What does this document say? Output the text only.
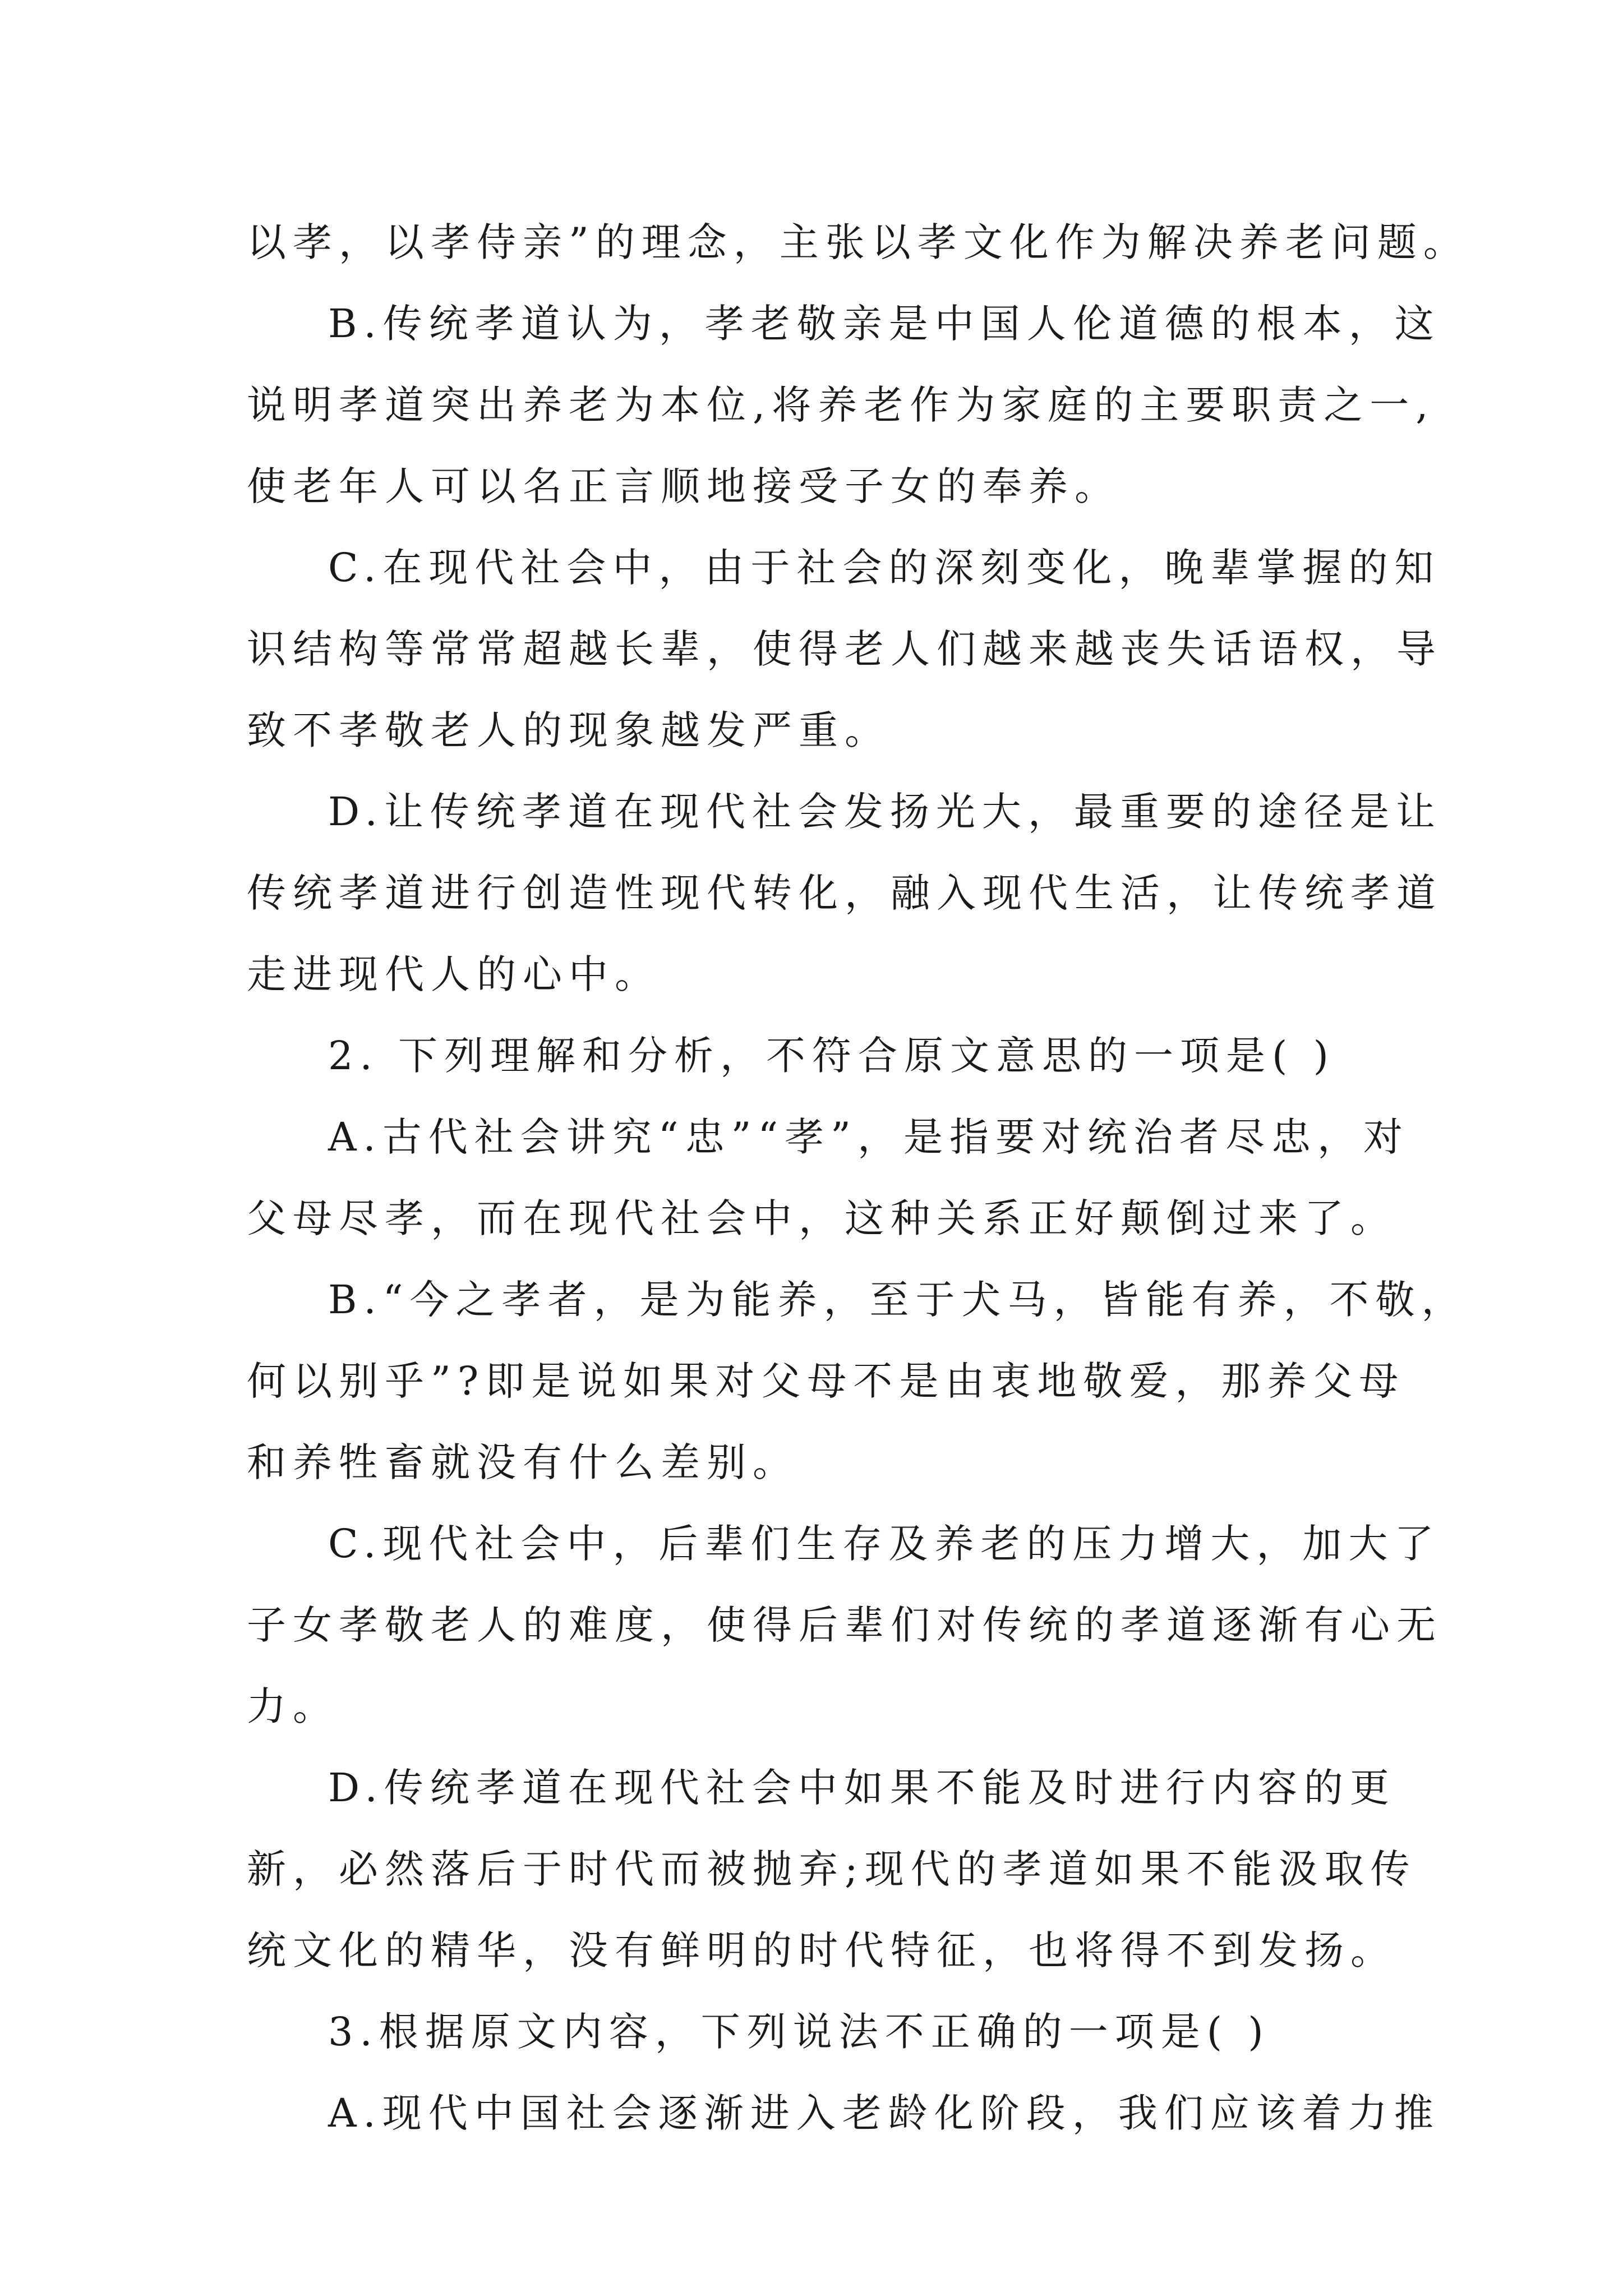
以孝，以孝侍亲”的理念，主张以孝文化作为解决养老问题。
B.传统孝道认为，孝老敬亲是中国人伦道德的根本，这
说明孝道突出养老为本位,将养老作为家庭的主要职责之一,
使老年人可以名正言顺地接受子女的奉养。
C.在现代社会中，由于社会的深刻变化，晚辈掌握的知
识结构等常常超越长辈，使得老人们越来越丧失话语权，导
致不孝敬老人的现象越发严重。
D.让传统孝道在现代社会发扬光大，最重要的途径是让
传统孝道进行创造性现代转化，融入现代生活，让传统孝道
走进现代人的心中。
2. 下列理解和分析，不符合原文意思的一项是( )
A.古代社会讲究“忠”“孝”，是指要对统治者尽忠，对
父母尽孝，而在现代社会中，这种关系正好颠倒过来了。
B.“今之孝者，是为能养，至于犬马，皆能有养，不敬，
何以别乎”?即是说如果对父母不是由衷地敬爱，那养父母
和养牲畜就没有什么差别。
C.现代社会中，后辈们生存及养老的压力增大，加大了
子女孝敬老人的难度，使得后辈们对传统的孝道逐渐有心无
力。
D.传统孝道在现代社会中如果不能及时进行内容的更
新，必然落后于时代而被抛弃;现代的孝道如果不能汲取传
统文化的精华，没有鲜明的时代特征，也将得不到发扬。
3.根据原文内容，下列说法不正确的一项是( )
A.现代中国社会逐渐进入老龄化阶段，我们应该着力推
